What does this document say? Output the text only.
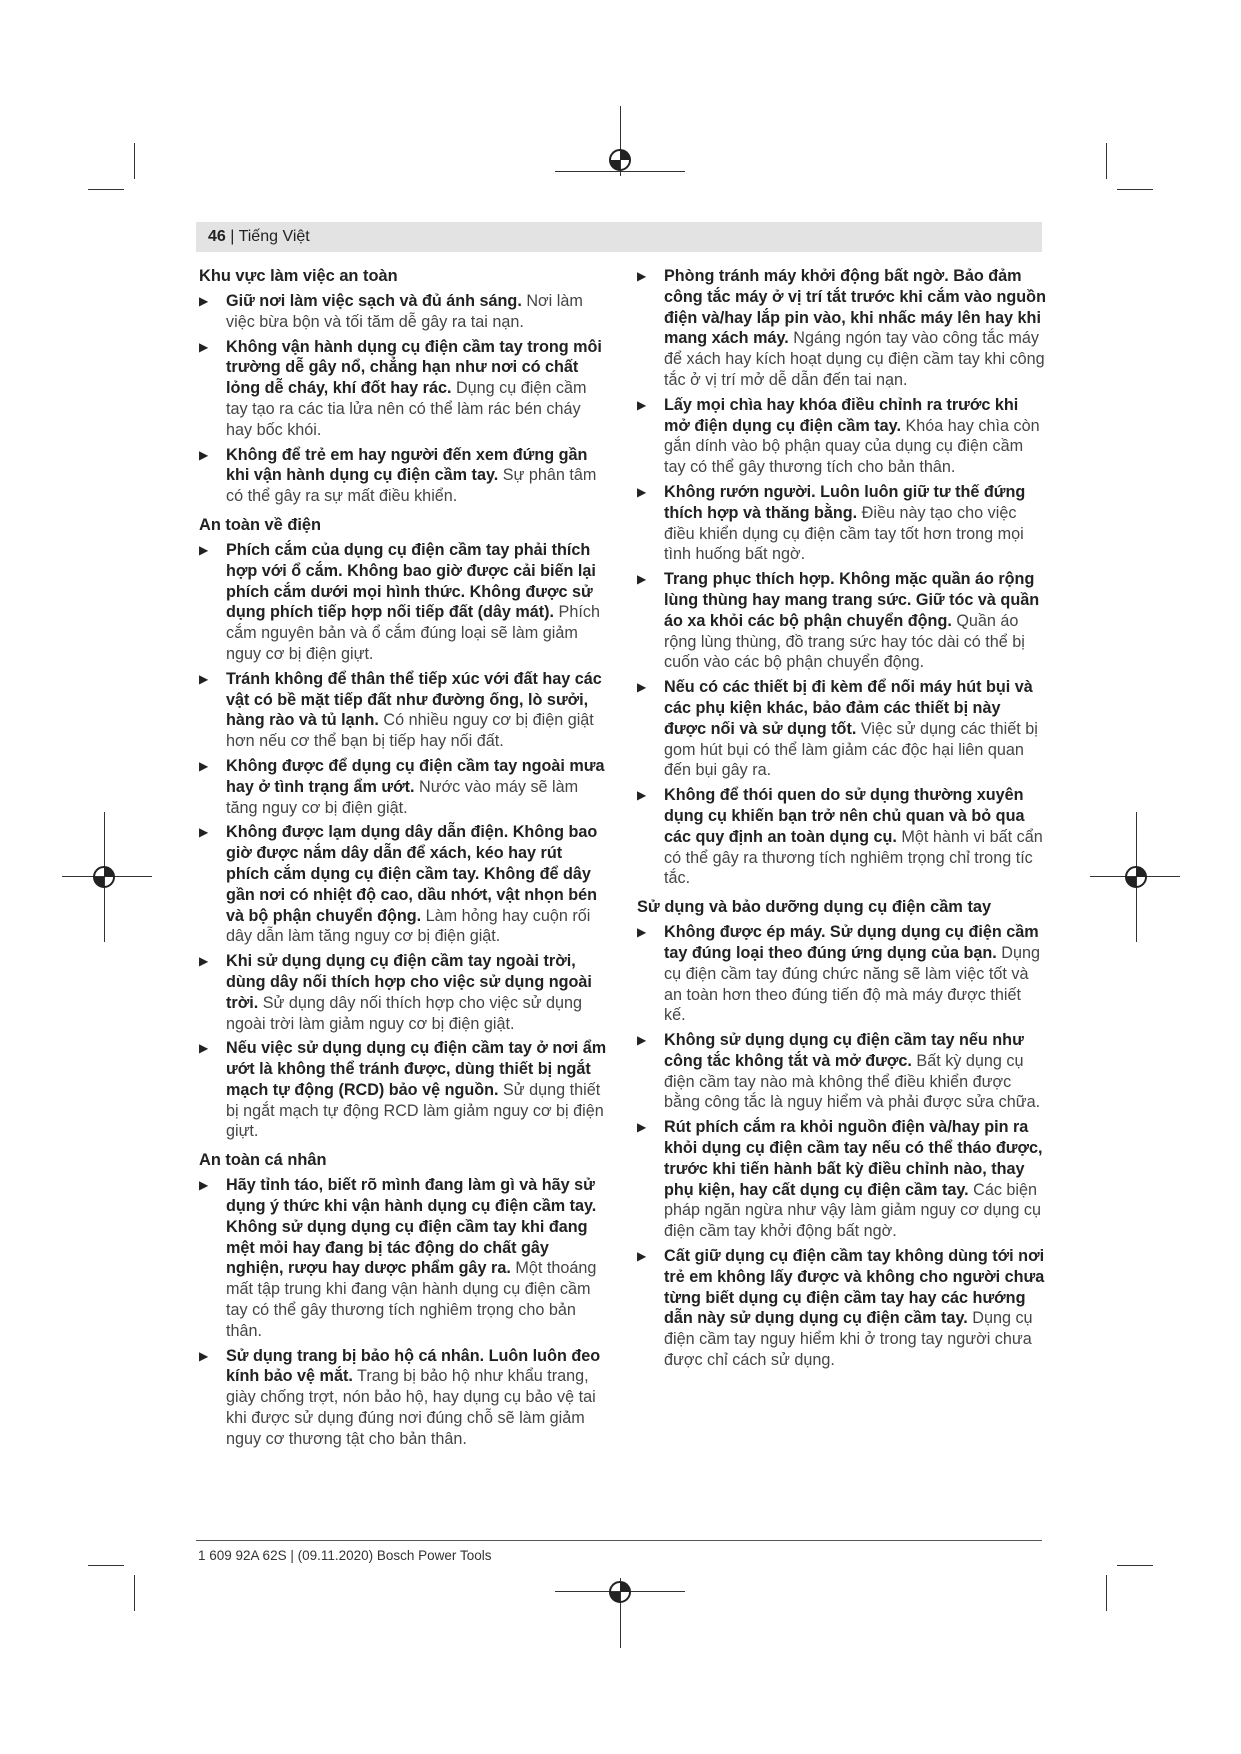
46 | Tiếng Việt
Khu vực làm việc an toàn
▶ Giữ nơi làm việc sạch và đủ ánh sáng. Nơi làm việc bừa bộn và tối tăm dễ gây ra tai nạn.
▶ Không vận hành dụng cụ điện cầm tay trong môi trường dễ gây nổ, chẳng hạn như nơi có chất lỏng dễ cháy, khí đốt hay rác. Dụng cụ điện cầm tay tạo ra các tia lửa nên có thể làm rác bén cháy hay bốc khói.
▶ Không để trẻ em hay người đến xem đứng gần khi vận hành dụng cụ điện cầm tay. Sự phân tâm có thể gây ra sự mất điều khiển.
An toàn về điện
▶ Phích cắm của dụng cụ điện cầm tay phải thích hợp với ổ cắm. Không bao giờ được cải biến lại phích cắm dưới mọi hình thức. Không được sử dụng phích tiếp hợp nối tiếp đất (dây mát). Phích cắm nguyên bản và ổ cắm đúng loại sẽ làm giảm nguy cơ bị điện giựt.
▶ Tránh không để thân thể tiếp xúc với đất hay các vật có bề mặt tiếp đất như đường ống, lò sưởi, hàng rào và tủ lạnh. Có nhiều nguy cơ bị điện giật hơn nếu cơ thể bạn bị tiếp hay nối đất.
▶ Không được để dụng cụ điện cầm tay ngoài mưa hay ở tình trạng ẩm ướt. Nước vào máy sẽ làm tăng nguy cơ bị điện giật.
▶ Không được lạm dụng dây dẫn điện. Không bao giờ được nắm dây dẫn để xách, kéo hay rút phích cắm dụng cụ điện cầm tay. Không để dây gần nơi có nhiệt độ cao, dầu nhớt, vật nhọn bén và bộ phận chuyển động. Làm hỏng hay cuộn rối dây dẫn làm tăng nguy cơ bị điện giật.
▶ Khi sử dụng dụng cụ điện cầm tay ngoài trời, dùng dây nối thích hợp cho việc sử dụng ngoài trời. Sử dụng dây nối thích hợp cho việc sử dụng ngoài trời làm giảm nguy cơ bị điện giật.
▶ Nếu việc sử dụng dụng cụ điện cầm tay ở nơi ẩm ướt là không thể tránh được, dùng thiết bị ngắt mạch tự động (RCD) bảo vệ nguồn. Sử dụng thiết bị ngắt mạch tự động RCD làm giảm nguy cơ bị điện giựt.
An toàn cá nhân
▶ Hãy tỉnh táo, biết rõ mình đang làm gì và hãy sử dụng ý thức khi vận hành dụng cụ điện cầm tay. Không sử dụng dụng cụ điện cầm tay khi đang mệt mỏi hay đang bị tác động do chất gây nghiện, rượu hay dược phẩm gây ra. Một thoáng mất tập trung khi đang vận hành dụng cụ điện cầm tay có thể gây thương tích nghiêm trọng cho bản thân.
▶ Sử dụng trang bị bảo hộ cá nhân. Luôn luôn đeo kính bảo vệ mắt. Trang bị bảo hộ như khẩu trang, giày chống trợt, nón bảo hộ, hay dụng cụ bảo vệ tai khi được sử dụng đúng nơi đúng chỗ sẽ làm giảm nguy cơ thương tật cho bản thân.
▶ Phòng tránh máy khởi động bất ngờ. Bảo đảm công tắc máy ở vị trí tắt trước khi cắm vào nguồn điện và/hay lắp pin vào, khi nhấc máy lên hay khi mang xách máy. Ngáng ngón tay vào công tắc máy để xách hay kích hoạt dụng cụ điện cầm tay khi công tắc ở vị trí mở dễ dẫn đến tai nạn.
▶ Lấy mọi chìa hay khóa điều chỉnh ra trước khi mở điện dụng cụ điện cầm tay. Khóa hay chìa còn gắn dính vào bộ phận quay của dụng cụ điện cầm tay có thể gây thương tích cho bản thân.
▶ Không rướn người. Luôn luôn giữ tư thế đứng thích hợp và thăng bằng. Điều này tạo cho việc điều khiển dụng cụ điện cầm tay tốt hơn trong mọi tình huống bất ngờ.
▶ Trang phục thích hợp. Không mặc quần áo rộng lùng thùng hay mang trang sức. Giữ tóc và quần áo xa khỏi các bộ phận chuyển động. Quần áo rộng lùng thùng, đồ trang sức hay tóc dài có thể bị cuốn vào các bộ phận chuyển động.
▶ Nếu có các thiết bị đi kèm để nối máy hút bụi và các phụ kiện khác, bảo đảm các thiết bị này được nối và sử dụng tốt. Việc sử dụng các thiết bị gom hút bụi có thể làm giảm các độc hại liên quan đến bụi gây ra.
▶ Không để thói quen do sử dụng thường xuyên dụng cụ khiến bạn trở nên chủ quan và bỏ qua các quy định an toàn dụng cụ. Một hành vi bất cẩn có thể gây ra thương tích nghiêm trọng chỉ trong tíc tắc.
Sử dụng và bảo dưỡng dụng cụ điện cầm tay
▶ Không được ép máy. Sử dụng dụng cụ điện cầm tay đúng loại theo đúng ứng dụng của bạn. Dụng cụ điện cầm tay đúng chức năng sẽ làm việc tốt và an toàn hơn theo đúng tiến độ mà máy được thiết kế.
▶ Không sử dụng dụng cụ điện cầm tay nếu như công tắc không tắt và mở được. Bất kỳ dụng cụ điện cầm tay nào mà không thể điều khiển được bằng công tắc là nguy hiểm và phải được sửa chữa.
▶ Rút phích cắm ra khỏi nguồn điện và/hay pin ra khỏi dụng cụ điện cầm tay nếu có thể tháo được, trước khi tiến hành bất kỳ điều chỉnh nào, thay phụ kiện, hay cất dụng cụ điện cầm tay. Các biện pháp ngăn ngừa như vậy làm giảm nguy cơ dụng cụ điện cầm tay khởi động bất ngờ.
▶ Cất giữ dụng cụ điện cầm tay không dùng tới nơi trẻ em không lấy được và không cho người chưa từng biết dụng cụ điện cầm tay hay các hướng dẫn này sử dụng dụng cụ điện cầm tay. Dụng cụ điện cầm tay nguy hiểm khi ở trong tay người chưa được chỉ cách sử dụng.
1 609 92A 62S | (09.11.2020) Bosch Power Tools
